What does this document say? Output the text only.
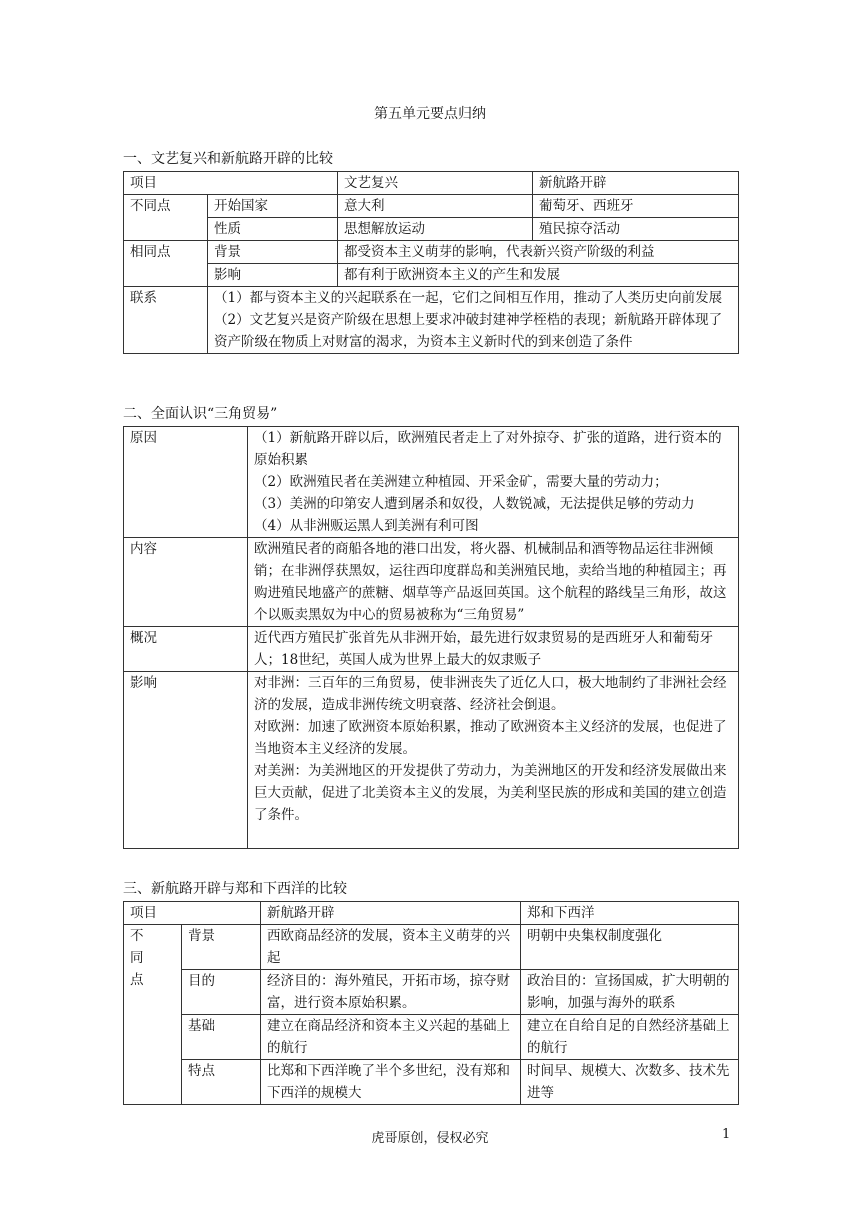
第五单元要点归纳
一、文艺复兴和新航路开辟的比较
项目		文艺复兴	新航路开辟
不同点	开始国家	意大利	葡萄牙、西班牙
	性质	思想解放运动	殖民掠夺活动
相同点	背景	都受资本主义萌芽的影响，代表新兴资产阶级的利益	
	影响	都有利于欧洲资本主义的产生和发展	
联系	（1）都与资本主义的兴起联系在一起，它们之间相互作用，推动了人类历史向前发展
（2）文艺复兴是资产阶级在思想上要求冲破封建神学桎梏的表现；新航路开辟体现了资产阶级在物质上对财富的渴求，为资本主义新时代的到来创造了条件		
二、全面认识“三角贸易”
原因	（1）新航路开辟以后，欧洲殖民者走上了对外掠夺、扩张的道路，进行资本的原始积累
（2）欧洲殖民者在美洲建立种植园、开采金矿，需要大量的劳动力；
（3）美洲的印第安人遭到屠杀和奴役，人数锐减，无法提供足够的劳动力
（4）从非洲贩运黑人到美洲有利可图

内容	欧洲殖民者的商船各地的港口出发，将火器、机械制品和酒等物品运往非洲倾销；在非洲俘获黑奴，运往西印度群岛和美洲殖民地，卖给当地的种植园主；再购进殖民地盛产的蔗糖、烟草等产品返回英国。这个航程的路线呈三角形，故这个以贩卖黑奴为中心的贸易被称为“三角贸易”
概况	近代西方殖民扩张首先从非洲开始，最先进行奴隶贸易的是西班牙人和葡萄牙人；18世纪，英国人成为世界上最大的奴隶贩子
影响	对非洲：三百年的三角贸易，使非洲丧失了近亿人口，极大地制约了非洲社会经济的发展，造成非洲传统文明衰落、经济社会倒退。
对欧洲：加速了欧洲资本原始积累，推动了欧洲资本主义经济的发展，也促进了当地资本主义经济的发展。
对美洲：为美洲地区的开发提供了劳动力，为美洲地区的开发和经济发展做出来巨大贡献，促进了北美资本主义的发展，为美利坚民族的形成和美国的建立创造了条件。
三、新航路开辟与郑和下西洋的比较
项目		新航路开辟	郑和下西洋
不同点	背景	西欧商品经济的发展，资本主义萌芽的兴起	明朝中央集权制度强化
	目的	经济目的：海外殖民，开拓市场，掠夺财富，进行资本原始积累。	政治目的：宣扬国威，扩大明朝的影响，加强与海外的联系
	基础	建立在商品经济和资本主义兴起的基础上的航行	建立在自给自足的自然经济基础上的航行
	特点	比郑和下西洋晚了半个多世纪，没有郑和下西洋的规模大	时间早、规模大、次数多、技术先进等
虎哥原创，侵权必究	1
